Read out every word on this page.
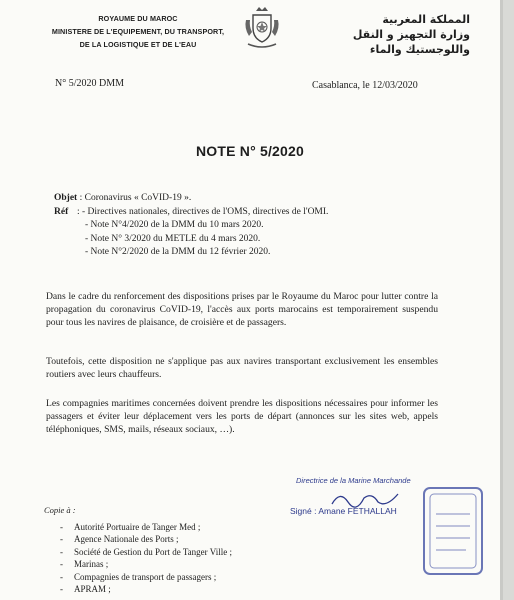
ROYAUME DU MAROC
MINISTERE DE L'EQUIPEMENT, DU TRANSPORT,
DE LA LOGISTIQUE ET DE L'EAU
المملكة المغربية
وزارة التجهيز و النقل
واللوجستيك والماء
N° 5/2020 DMM	Casablanca, le 12/03/2020
NOTE N° 5/2020
Objet : Coronavirus « CoVID-19 ».
Réf : - Directives nationales, directives de l'OMS, directives de l'OMI.
- Note N°4/2020 de la DMM du 10 mars 2020.
- Note N° 3/2020 du METLE du 4 mars 2020.
- Note N°2/2020 de la DMM du 12 février 2020.
Dans le cadre du renforcement des dispositions prises par le Royaume du Maroc pour lutter contre la propagation du coronavirus CoVID-19, l'accès aux ports marocains est temporairement suspendu pour tous les navires de plaisance, de croisière et de passagers.
Toutefois, cette disposition ne s'applique pas aux navires transportant exclusivement les ensembles routiers avec leurs chauffeurs.
Les compagnies maritimes concernées doivent prendre les dispositions nécessaires pour informer les passagers et éviter leur déplacement vers les ports de départ (annonces sur les sites web, appels téléphoniques, SMS, mails, réseaux sociaux, …).
Directrice de la Marine Marchande
Signé : Amane FETHALLAH
Copie à :
- Autorité Portuaire de Tanger Med ;
- Agence Nationale des Ports ;
- Société de Gestion du Port de Tanger Ville ;
- Marinas ;
- Compagnies de transport de passagers ;
- APRAM ;
